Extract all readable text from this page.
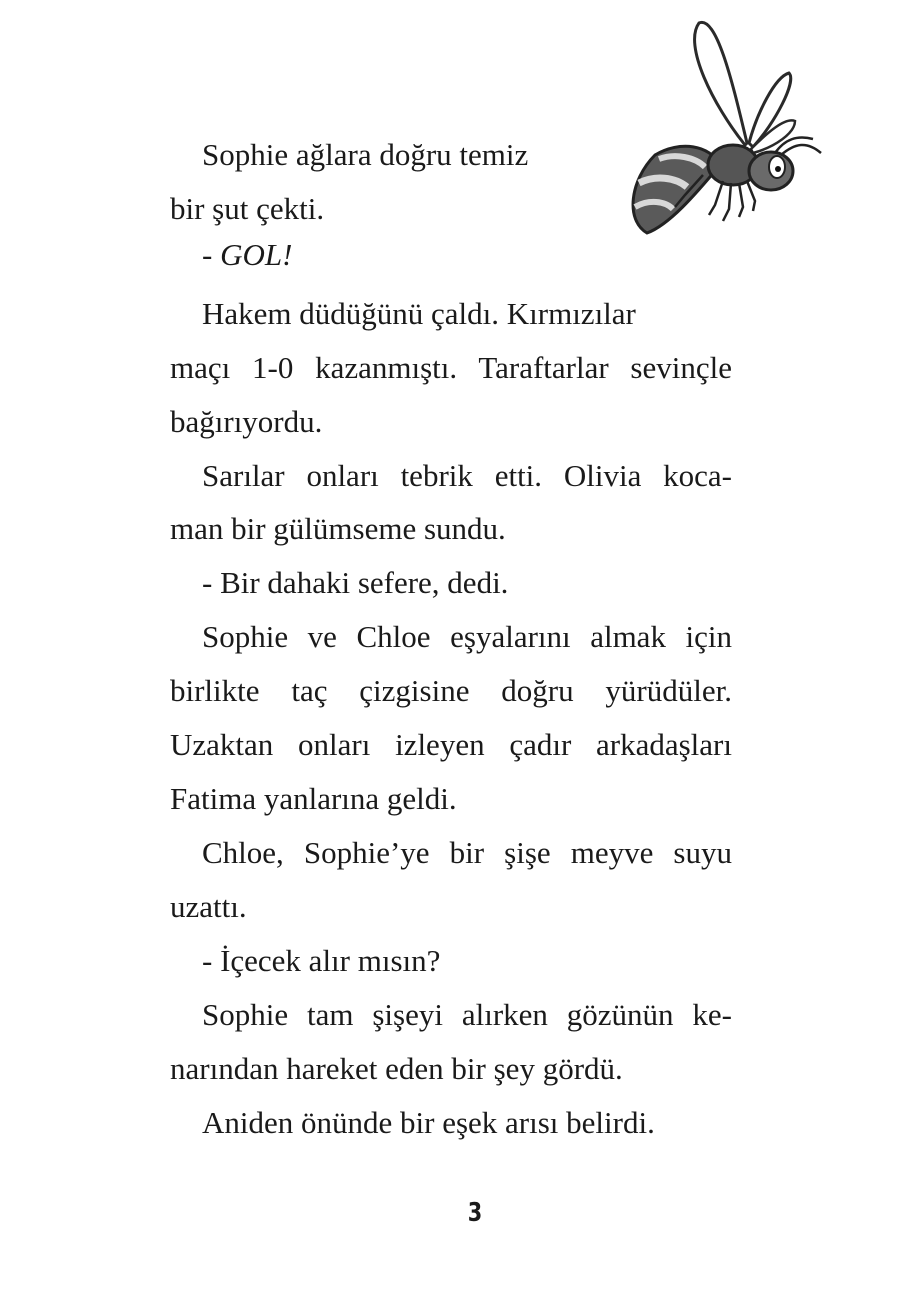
Sophie ağlara doğru temiz
bir şut çekti.
- GOL!
Hakem düdüğünü çaldı. Kırmızılar
maçı 1-0 kazanmıştı. Taraftarlar sevinçle
bağırıyordu.
Sarılar onları tebrik etti. Olivia koca-
man bir gülümseme sundu.
- Bir dahaki sefere, dedi.
Sophie ve Chloe eşyalarını almak için
birlikte taç çizgisine doğru yürüdüler.
Uzaktan onları izleyen çadır arkadaşları
Fatima yanlarına geldi.
Chloe, Sophie’ye bir şişe meyve suyu
uzattı.
- İçecek alır mısın?
Sophie tam şişeyi alırken gözünün ke-
narından hareket eden bir şey gördü.
Aniden önünde bir eşek arısı belirdi.
3
